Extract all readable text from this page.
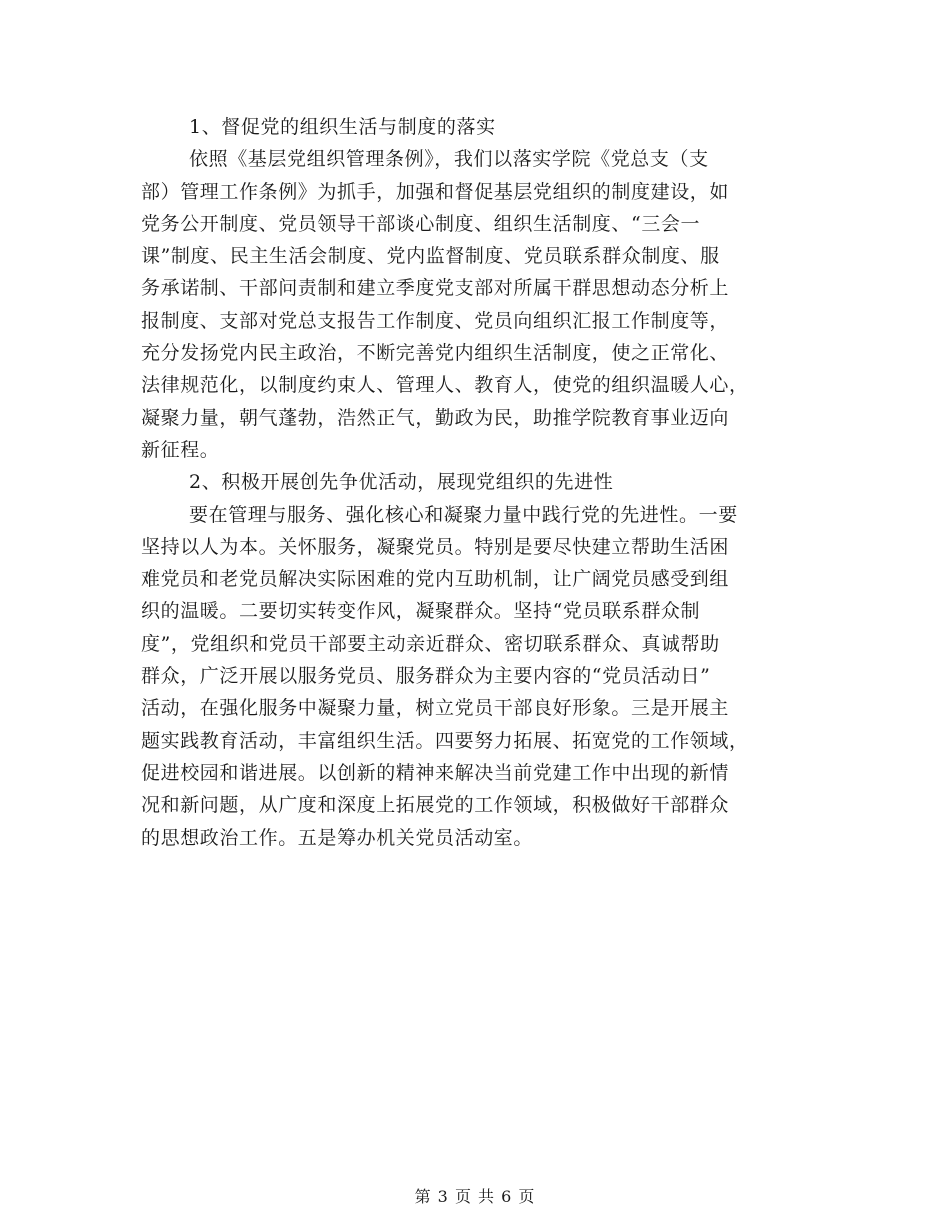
1、督促党的组织生活与制度的落实
依照《基层党组织管理条例》，我们以落实学院《党总支（支
部）管理工作条例》为抓手，加强和督促基层党组织的制度建设，如
党务公开制度、党员领导干部谈心制度、组织生活制度、“三会一
课”制度、民主生活会制度、党内监督制度、党员联系群众制度、服
务承诺制、干部问责制和建立季度党支部对所属干群思想动态分析上
报制度、支部对党总支报告工作制度、党员向组织汇报工作制度等，
充分发扬党内民主政治，不断完善党内组织生活制度，使之正常化、
法律规范化，以制度约束人、管理人、教育人，使党的组织温暖人心，
凝聚力量，朝气蓬勃，浩然正气，勤政为民，助推学院教育事业迈向
新征程。
2、积极开展创先争优活动，展现党组织的先进性
要在管理与服务、强化核心和凝聚力量中践行党的先进性。一要
坚持以人为本。关怀服务，凝聚党员。特别是要尽快建立帮助生活困
难党员和老党员解决实际困难的党内互助机制，让广阔党员感受到组
织的温暖。二要切实转变作风，凝聚群众。坚持“党员联系群众制
度”，党组织和党员干部要主动亲近群众、密切联系群众、真诚帮助
群众，广泛开展以服务党员、服务群众为主要内容的“党员活动日”
活动，在强化服务中凝聚力量，树立党员干部良好形象。三是开展主
题实践教育活动，丰富组织生活。四要努力拓展、拓宽党的工作领域，
促进校园和谐进展。以创新的精神来解决当前党建工作中出现的新情
况和新问题，从广度和深度上拓展党的工作领域，积极做好干部群众
的思想政治工作。五是筹办机关党员活动室。
第 3 页 共 6 页
